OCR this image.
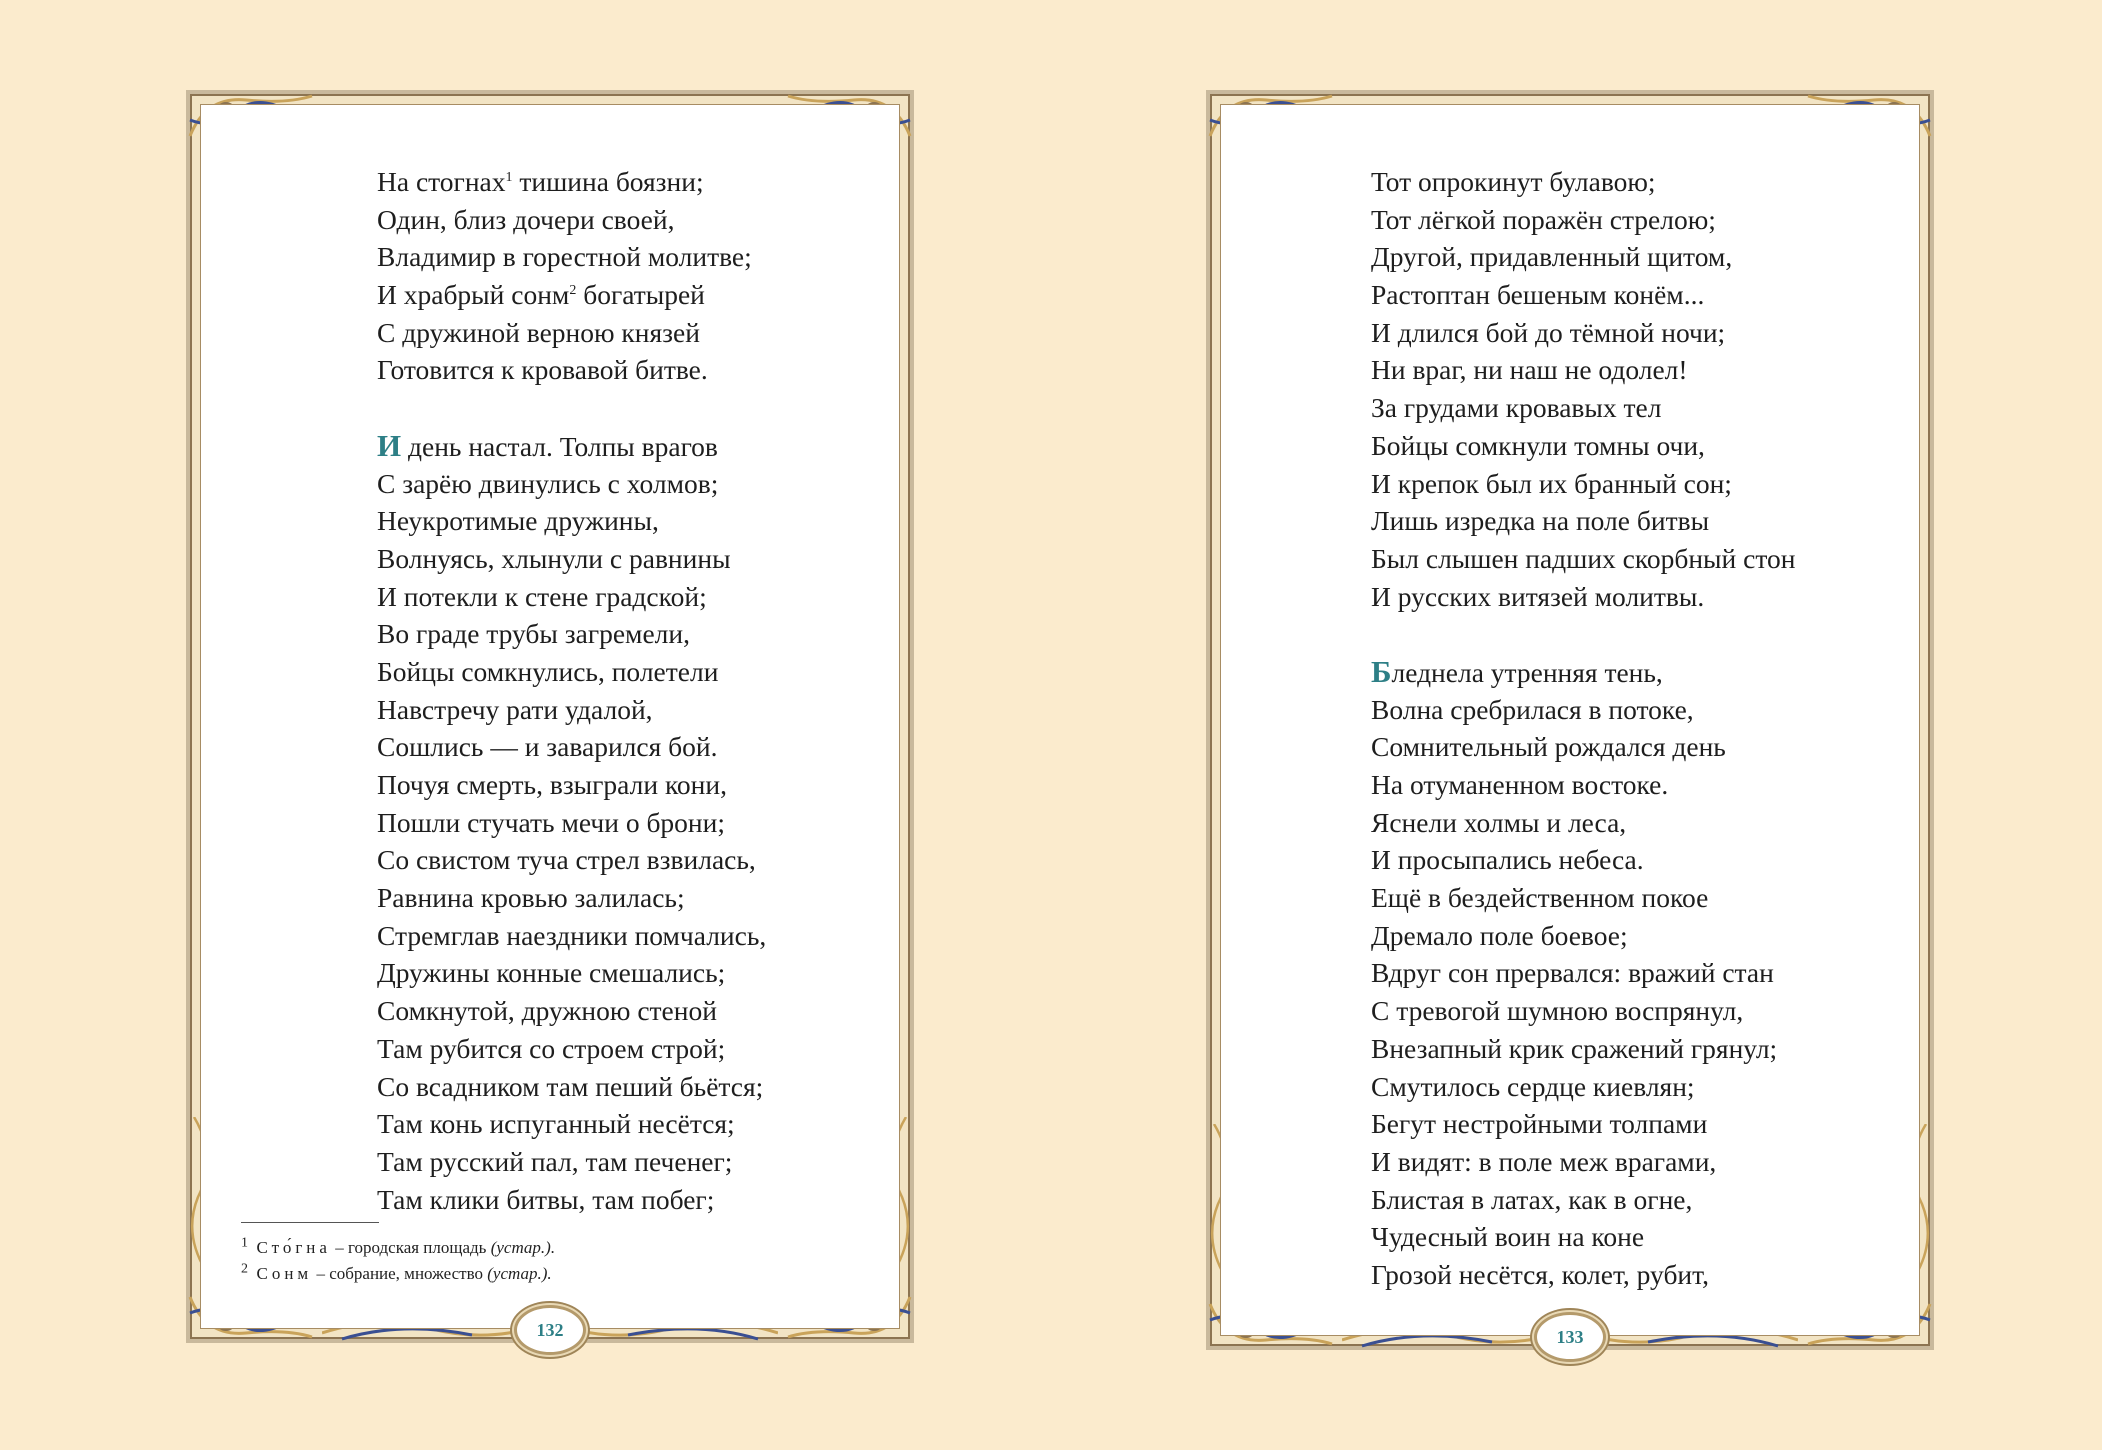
На стогнах$^1$ тишина боязни;
Один, близ дочери своей,
Владимир в горестной молитве;
И храбрый сонм$^2$ богатырей
С дружиной верною князей
Готовится к кровавой битве.
И день настал. Толпы врагов
С зарёю двинулись с холмов;
Неукротимые дружины,
Волнуясь, хлынули с равнины
И потекли к стене градской;
Во граде трубы загремели,
Бойцы сомкнулись, полетели
Навстречу рати удалой,
Сошлись — и заварился бой.
Почуя смерть, взыграли кони,
Пошли стучать мечи о брони;
Со свистом туча стрел взвилась,
Равнина кровью залилась;
Стремглав наездники помчались,
Дружины конные смешались;
Сомкнутой, дружною стеной
Там рубится со строем строй;
Со всадником там пеший бьётся;
Там конь испуганный несётся;
Там русский пал, там печенег;
Там клики битвы, там побег;
$^1$ Сто́гна – городская площадь (устар.).
$^2$ Сонм – собрание, множество (устар.).
132
Тот опрокинут булавою;
Тот лёгкой поражён стрелою;
Другой, придавленный щитом,
Растоптан бешеным конём...
И длился бой до тёмной ночи;
Ни враг, ни наш не одолел!
За грудами кровавых тел
Бойцы сомкнули томны очи,
И крепок был их бранный сон;
Лишь изредка на поле битвы
Был слышен падших скорбный стон
И русских витязей молитвы.
Бледнела утренняя тень,
Волна сребрилася в потоке,
Сомнительный рождался день
На отуманенном востоке.
Яснели холмы и леса,
И просыпались небеса.
Ещё в бездейственном покое
Дремало поле боевое;
Вдруг сон прервался: вражий стан
С тревогой шумною воспрянул,
Внезапный крик сражений грянул;
Смутилось сердце киевлян;
Бегут нестройными толпами
И видят: в поле меж врагами,
Блистая в латах, как в огне,
Чудесный воин на коне
Грозой несётся, колет, рубит,
133
